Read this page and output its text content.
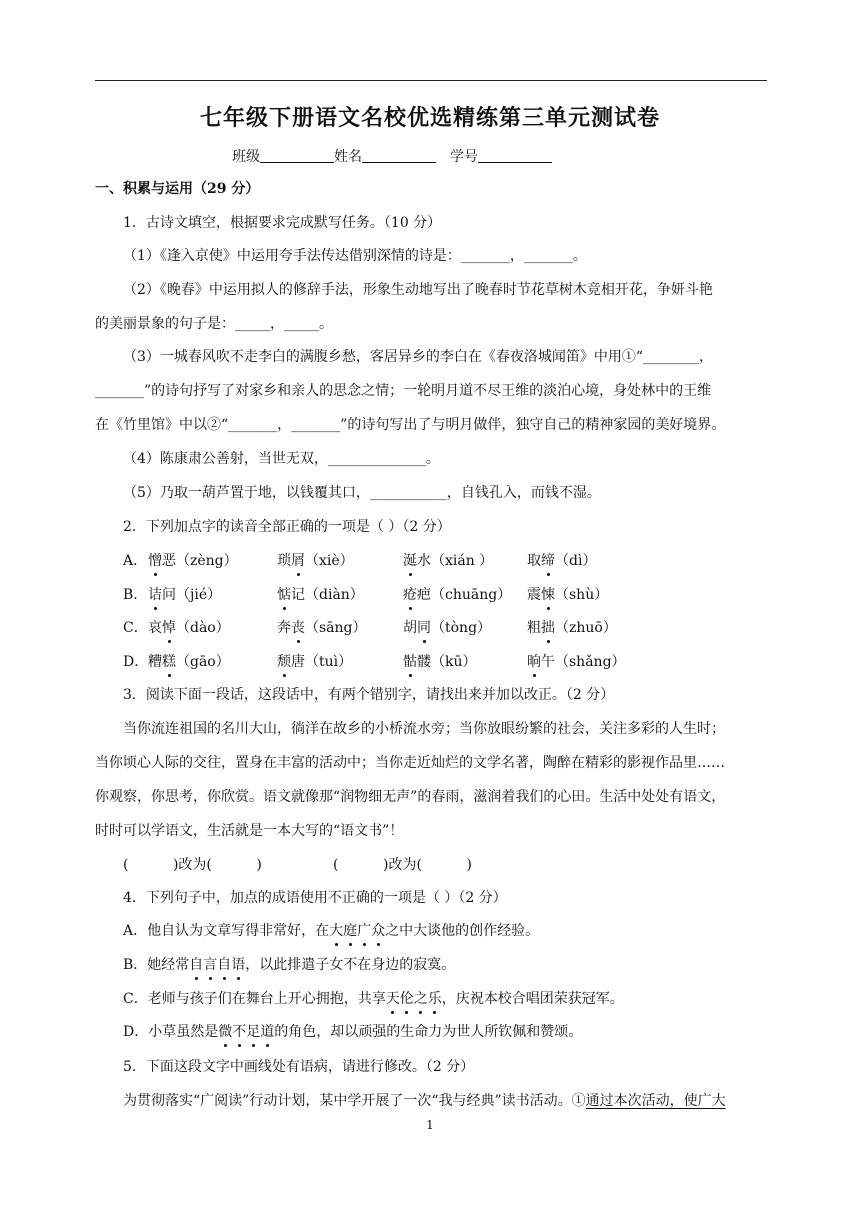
七年级下册语文名校优选精练第三单元测试卷
班级	姓名	学号
一、积累与运用（29 分）
1．古诗文填空，根据要求完成默写任务。（10 分）
（1）《逢入京使》中运用夸手法传达借别深情的诗是：_______，_______。
（2）《晚春》中运用拟人的修辞手法，形象生动地写出了晚春时节花草树木竞相开花，争妍斗艳
的美丽景象的句子是：_____，_____。
（3）一城春风吹不走李白的满腹乡愁，客居异乡的李白在《春夜洛城闻笛》中用①“________，
_______”的诗句抒写了对家乡和亲人的思念之情；一轮明月道不尽王维的淡泊心境，身处林中的王维
在《竹里馆》中以②“_______，_______”的诗句写出了与明月做伴，独守自己的精神家园的美好境界。
（4）陈康肃公善射，当世无双，______________。
（5）乃取一葫芦置于地，以钱覆其口，___________，自钱孔入，而钱不湿。
2．下列加点字的读音全部正确的一项是（ ）（2 分）
A． 憎恶（zèng）	琐屑（xiè）	涎水（xián ） 取缔（dì）
B． 诘问（jié）	惦记（diàn）	疮疤（chuāng） 震悚（shù）
C． 哀悼（dào）	奔丧（sāng）	胡同（tòng）	粗拙（zhuō）
D． 糟糕（gāo）	颓唐（tuì）	骷髅（kū）	晌午（shǎng）
3．阅读下面一段话，这段话中，有两个错别字，请找出来并加以改正。（2 分）
当你流连祖国的名川大山，徜洋在故乡的小桥流水旁；当你放眼纷繁的社会，关注多彩的人生时；
当你顷心人际的交往，置身在丰富的活动中；当你走近灿烂的文学名著，陶醉在精彩的影视作品里……
你观察，你思考，你欣赏。语文就像那“润物细无声”的春雨，滋润着我们的心田。生活中处处有语文，
时时可以学语文，生活就是一本大写的“语文书”！
(          )改为(          )                (          )改为(          )
4．下列句子中，加点的成语使用不正确的一项是（ ）（2 分）
A．他自认为文章写得非常好，在大庭广众之中大谈他的创作经验。
B．她经常自言自语，以此排遣子女不在身边的寂寞。
C．老师与孩子们在舞台上开心拥抱，共享天伦之乐，庆祝本校合唱团荣获冠军。
D．小草虽然是微不足道的角色，却以顽强的生命力为世人所钦佩和赞颂。
5．下面这段文字中画线处有语病，请进行修改。（2 分）
为贯彻落实“广阅读”行动计划，某中学开展了一次“我与经典”读书活动。①通过本次活动，使广大
1
